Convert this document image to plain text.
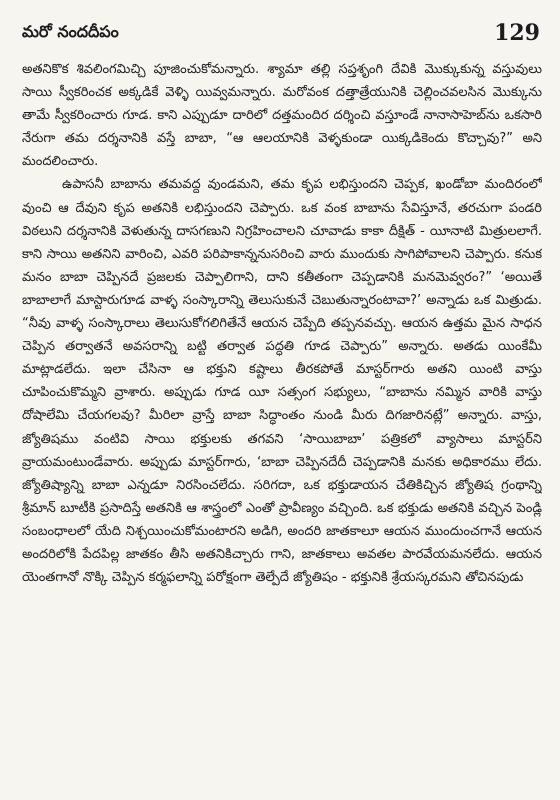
మరో నందదీపం	129

అతనికొక శివలింగమిచ్చి పూజించుకోమన్నారు. శ్యామా తల్లి సప్తశృంగి దేవికి మొక్కుకున్న వస్తువులు సాయి స్వీకరించక అక్కడికే వెళ్ళి యివ్వమన్నారు. మరోవంక దత్తాత్రేయునికి చెల్లించవలసిన మొక్కును తామే స్వీకరించారు గూడ. కాని ఎప్పుడూ దారిలో దత్తమందిర దర్శించి వస్తూండే నానాసాహెబ్‌ను ఒకసారి నేరుగా తమ దర్శనానికి వస్తే బాబా, “ఆ ఆలయానికి వెళ్ళకుండా యిక్కడికెందు కొచ్చావు?” అని మందలించారు.

ఉపాసనీ బాబాను తమవద్ద వుండమని, తమ కృప లభిస్తుందని చెప్పక, ఖండోబా మందిరంలో వుంచి ఆ దేవుని కృప అతనికి లభిస్తుందని చెప్పారు. ఒక వంక బాబాను సేవిస్తూనే, తరచుగా పండరి విఠలుని దర్శనానికి వెళుతున్న దాసగణుని నిగ్రహించాలని చూవాడు కాకా దీక్షిత్ - యీనాటి మిత్రులలాగే. కాని సాయి అతనిని వారించి, ఎవరి పరిపాకాన్ననుసరించి వారు ముందుకు సాగిపోవాలని చెప్పారు. కనుక మనం బాబా చెప్పినదే ప్రజలకు చెప్పాలిగాని, దాని కతీతంగా చెప్పడానికి మనమెవ్వరం?” ‘అయితే బాబాలాగే మాస్టారుగూడ వాళ్ళ సంస్కారాన్ని తెలుసుకునే చెబుతున్నారంటావా?’ అన్నాడు ఒక మిత్రుడు. “నీవు వాళ్ళ సంస్కారాలు తెలుసుకోగలిగితేనే ఆయన చెప్పేది తప్పనవచ్చు. ఆయన ఉత్తమ మైన సాధన చెప్పిన తర్వాతనే అవసరాన్ని బట్టి తర్వాత పద్ధతి గూడ చెప్పారు” అన్నారు. అతడు యింకేమీ మాట్లాడలేదు. ఇలా చేసినా ఆ భక్తుని కష్టాలు తీరకపోతే మాస్టర్‌గారు అతని యింటి వాస్తు చూపించుకొమ్మని వ్రాశారు. అప్పుడు గూడ యీ సత్సంగ సభ్యులు, “బాబాను నమ్మిన వారికి వాస్తు దోషాలేమి చేయగలవు? మీరిలా వ్రాస్తే బాబా సిద్ధాంతం నుండి మీరు దిగజారినట్లే” అన్నారు. వాస్తు, జ్యోతిషము వంటివి సాయి భక్తులకు తగవని ‘సాయిబాబా’ పత్రికలో వ్యాసాలు మాస్టర్‌ని వ్రాయమంటుండేవారు. అప్పుడు మాస్టర్‌గారు, ‘బాబా చెప్పినదేదీ చెప్పడానికి మనకు అధికారము లేదు. జ్యోతిష్యాన్ని బాబా ఎన్నడూ నిరసించలేదు. సరిగదా, ఒక భక్తుడాయన చేతికిచ్చిన జ్యోతిష గ్రంథాన్ని శ్రీమాన్ బూటీకి ప్రసాదిస్తే అతనికి ఆ శాస్త్రంలో ఎంతో ప్రావీణ్యం వచ్చింది. ఒక భక్తుడు అతనికి వచ్చిన పెండ్లి సంబంధాలలో యేది నిశ్చయించుకోమంటారని అడిగి, అందరి జాతకాలూ ఆయన ముందుంచగానే ఆయన అందరిలోకి పేదపిల్ల జాతకం తీసి అతనికిచ్చారు గాని, జాతకాలు అవతల పారవేయమనలేదు. ఆయన యెంతగానో నొక్కి చెప్పిన కర్మఫలాన్ని పరోక్షంగా తెల్పేదే జ్యోతిషం - భక్తునికి శ్రేయస్కరమని తోచినపుడు
